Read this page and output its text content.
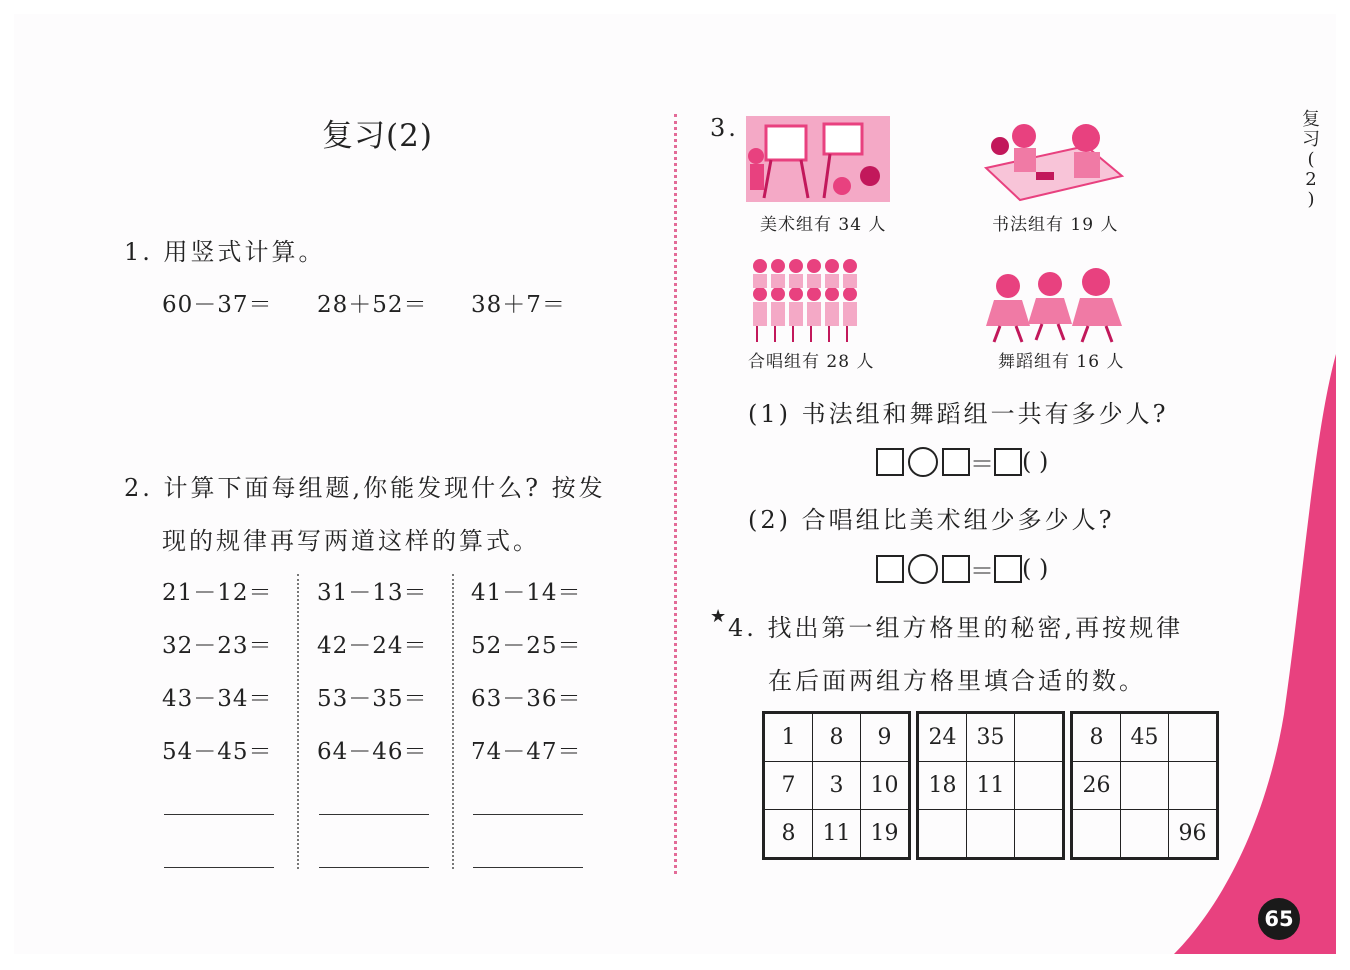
复习(2)
1. 用竖式计算。
60－37＝ 28＋52＝ 38＋7＝
2. 计算下面每组题,你能发现什么? 按发
现的规律再写两道这样的算式。
21－12＝
32－23＝
43－34＝
54－45＝
31－13＝
42－24＝
53－35＝
64－46＝
41－14＝
52－25＝
63－36＝
74－47＝
3.
美术组有 34 人	书法组有 19 人
合唱组有 28 人	舞蹈组有 16 人
(1) 书法组和舞蹈组一共有多少人?
＝ ( )
(2) 合唱组比美术组少多少人?
＝ ( )
★ 4. 找出第一组方格里的秘密,再按规律
在后面两组方格里填合适的数。
1	8	9
7	3	10
8	11	19
24	35	
18	11	

8	45	
26		
		96
复
习
(
2
)
65
